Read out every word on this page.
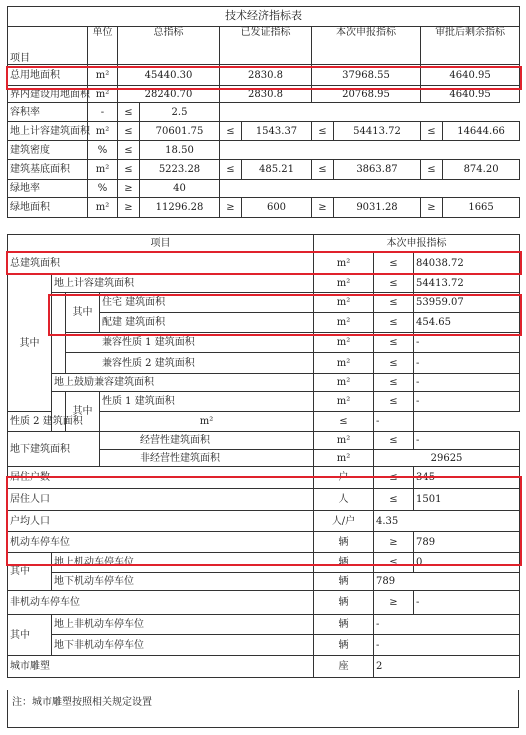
技术经济指标表									
项目	单位	总指标		已发证指标		本次申报指标		审批后剩余指标	
总用地面积	m²	45440.30		2830.8		37968.55		4640.95	
界内建设用地面积	m²	28240.70		2830.8		20768.95		4640.95	
容积率	-	≤	2.5						
地上计容建筑面积	m²	≤	70601.75	≤	1543.37	≤	54413.72	≤	14644.66
建筑密度	%	≤	18.50						
建筑基底面积	m²	≤	5223.28	≤	485.21	≤	3863.87	≤	874.20
绿地率	%	≥	40						
绿地面积	m²	≥	11296.28	≥	600	≥	9031.28	≥	1665
项目				本次申报指标		
总建筑面积				m²	≤	84038.72
其中	地上计容建筑面积			m²	≤	54413.72
		其中	住宅 建筑面积	m²	≤	53959.07
			配建 建筑面积	m²	≤	454.65
		兼容性质 1 建筑面积		m²	≤	-
		兼容性质 2 建筑面积		m²	≤	-
	地上鼓励兼容建筑面积			m²	≤	-
		其中	性质 1 建筑面积	m²	≤	-
性质 2 建筑面积			m²	≤	-	
地下建筑面积			经营性建筑面积	m²	≤	-
			非经营性建筑面积	m²	29625	
居住户数				户	≤	345
居住人口				人	≤	1501
户均人口				人/户	4.35	
机动车停车位				辆	≥	789
其中	地上机动车停车位			辆	≤	0
	地下机动车停车位			辆	789	
非机动车停车位				辆	≥	-
其中	地上非机动车停车位			辆	-	
	地下非机动车停车位			辆	-	
城市雕塑				座	2	
注：城市雕塑按照相关规定设置
